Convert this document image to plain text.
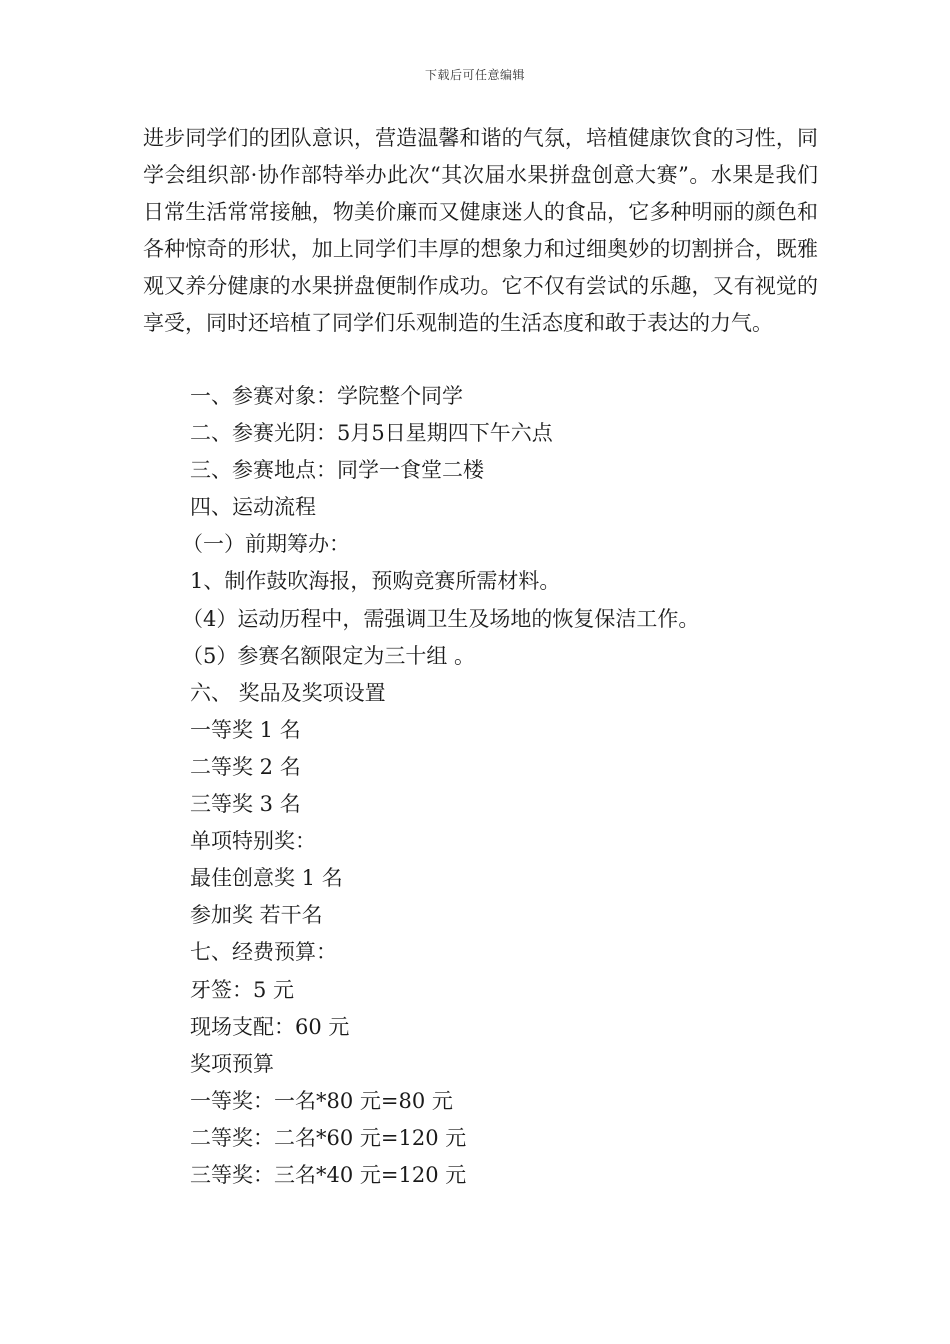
下载后可任意编辑

进步同学们的团队意识，营造温馨和谐的气氛，培植健康饮食的习性，同学会组织部·协作部特举办此次“其次届水果拼盘创意大赛”。水果是我们日常生活常常接触，物美价廉而又健康迷人的食品，它多种明丽的颜色和各种惊奇的形状，加上同学们丰厚的想象力和过细奥妙的切割拼合，既雅观又养分健康的水果拼盘便制作成功。它不仅有尝试的乐趣，又有视觉的享受，同时还培植了同学们乐观制造的生活态度和敢于表达的力气。

一、参赛对象：学院整个同学
二、参赛光阴：5月5日星期四下午六点
三、参赛地点：同学一食堂二楼
四、运动流程
（一）前期筹办：
1、制作鼓吹海报，预购竞赛所需材料。
（4）运动历程中，需强调卫生及场地的恢复保洁工作。
（5）参赛名额限定为三十组 。
六、 奖品及奖项设置
一等奖 1 名
二等奖 2 名
三等奖 3 名
单项特别奖：
最佳创意奖 1 名
参加奖 若干名
七、经费预算：
牙签：5 元
现场支配：60 元
奖项预算
一等奖：一名*80 元=80 元
二等奖：二名*60 元=120 元
三等奖：三名*40 元=120 元
